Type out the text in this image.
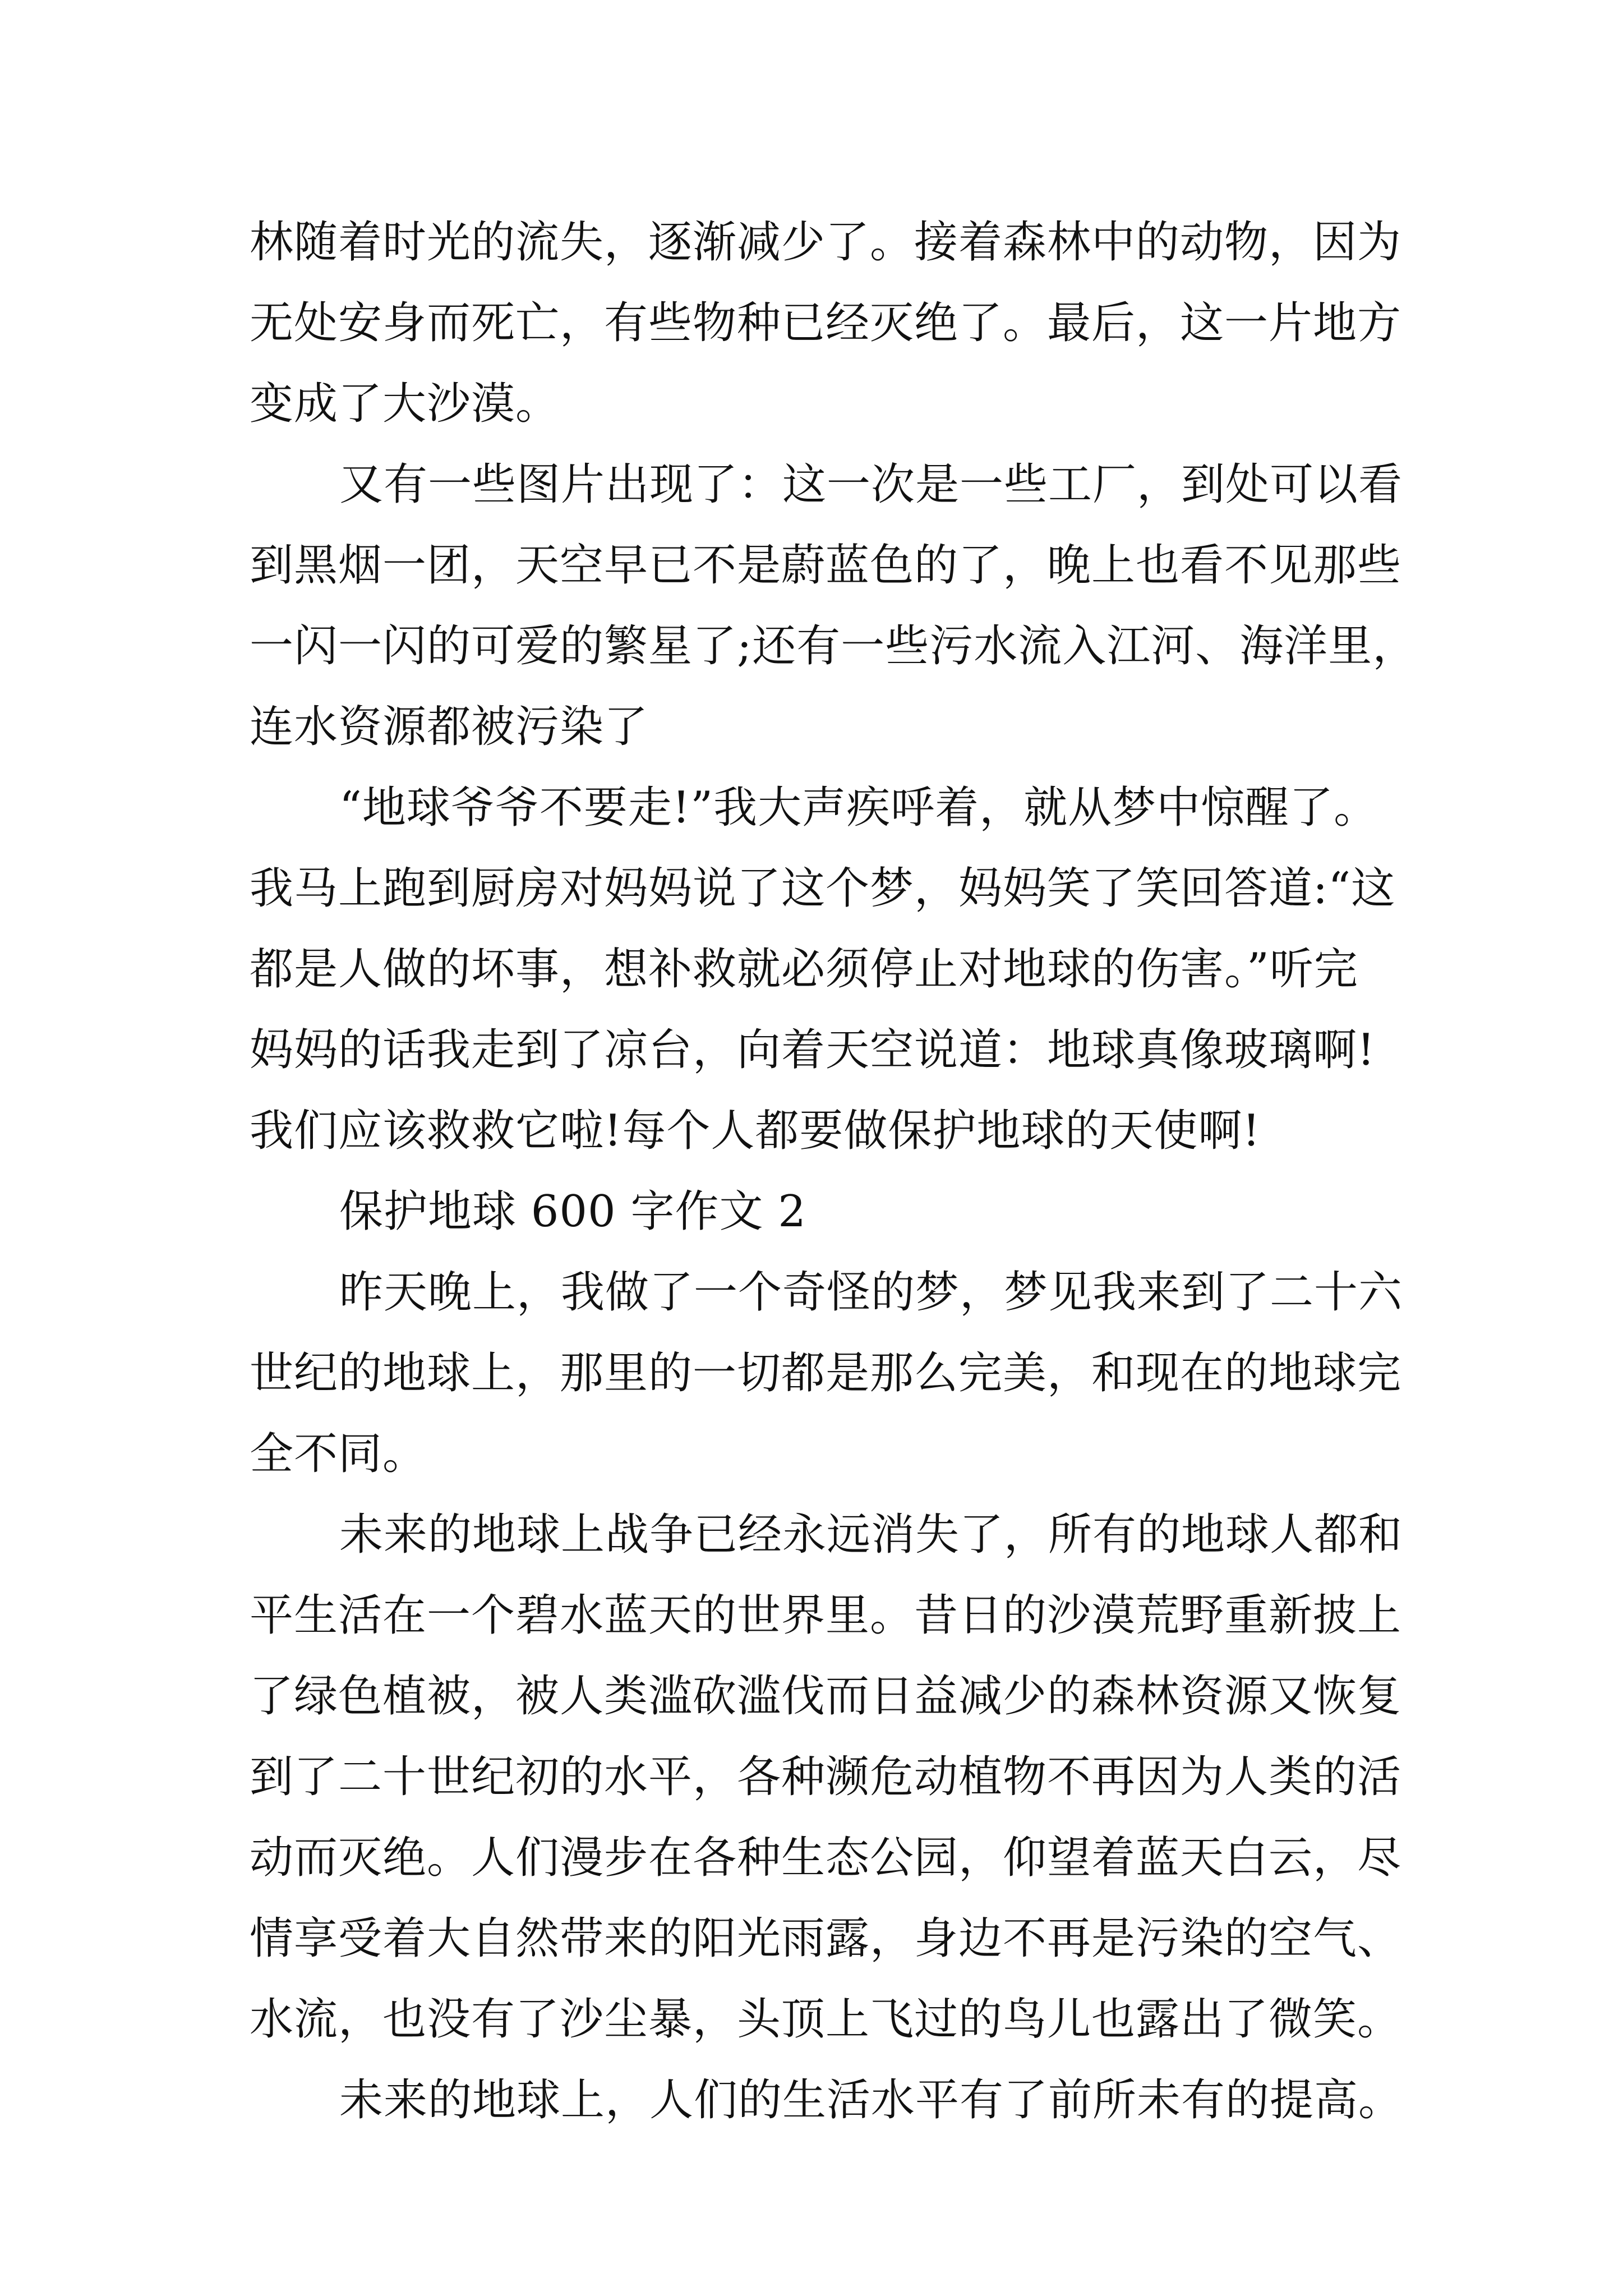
林随着时光的流失，逐渐减少了。接着森林中的动物，因为
无处安身而死亡，有些物种已经灭绝了。最后，这一片地方
变成了大沙漠。
又有一些图片出现了：这一次是一些工厂，到处可以看
到黑烟一团，天空早已不是蔚蓝色的了，晚上也看不见那些
一闪一闪的可爱的繁星了;还有一些污水流入江河、海洋里，
连水资源都被污染了
“地球爷爷不要走!”我大声疾呼着，就从梦中惊醒了。
我马上跑到厨房对妈妈说了这个梦，妈妈笑了笑回答道:“这
都是人做的坏事，想补救就必须停止对地球的伤害。”听完
妈妈的话我走到了凉台，向着天空说道：地球真像玻璃啊!
我们应该救救它啦!每个人都要做保护地球的天使啊!
保护地球 600 字作文 2
昨天晚上，我做了一个奇怪的梦，梦见我来到了二十六
世纪的地球上，那里的一切都是那么完美，和现在的地球完
全不同。
未来的地球上战争已经永远消失了，所有的地球人都和
平生活在一个碧水蓝天的世界里。昔日的沙漠荒野重新披上
了绿色植被，被人类滥砍滥伐而日益减少的森林资源又恢复
到了二十世纪初的水平，各种濒危动植物不再因为人类的活
动而灭绝。人们漫步在各种生态公园，仰望着蓝天白云，尽
情享受着大自然带来的阳光雨露，身边不再是污染的空气、
水流，也没有了沙尘暴，头顶上飞过的鸟儿也露出了微笑。
未来的地球上，人们的生活水平有了前所未有的提高。
